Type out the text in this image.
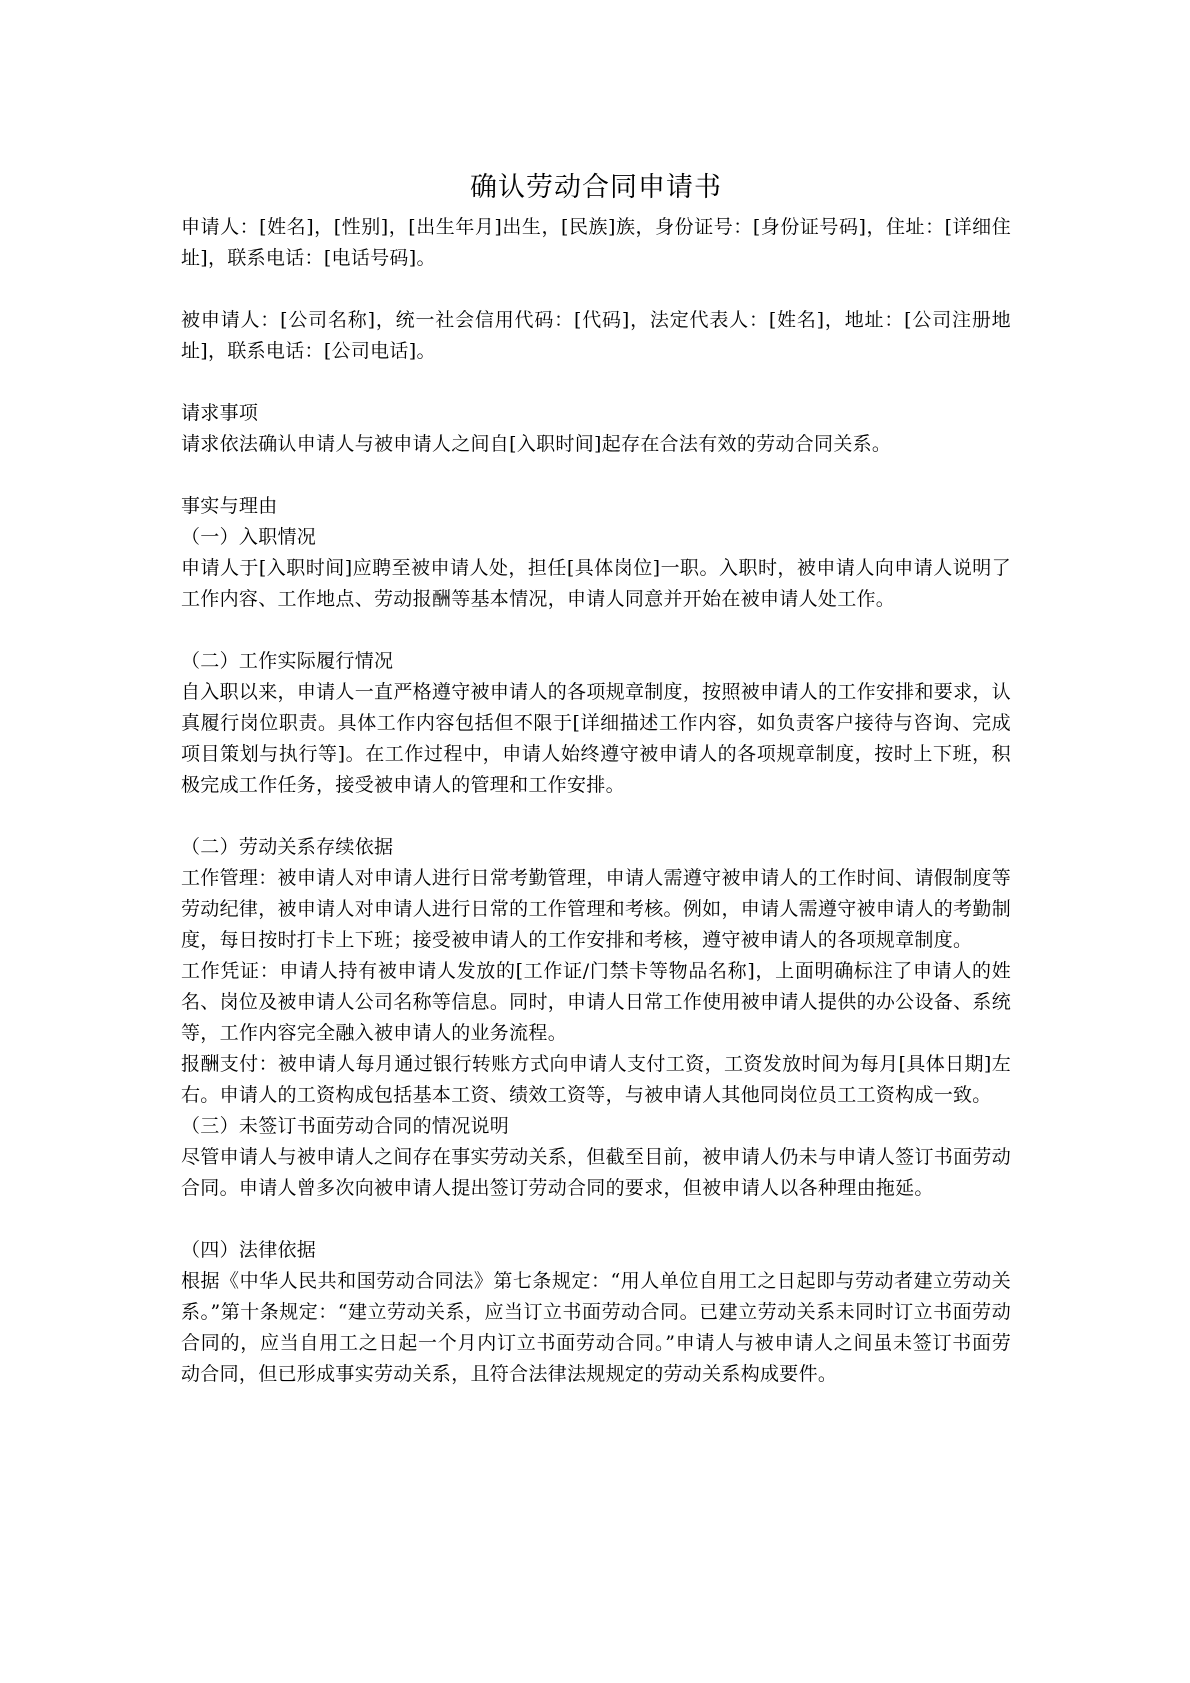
确认劳动合同申请书

申请人：[姓名]，[性别]，[出生年月]出生，[民族]族，身份证号：[身份证号码]，住址：[详细住址]，联系电话：[电话号码]。

被申请人：[公司名称]，统一社会信用代码：[代码]，法定代表人：[姓名]，地址：[公司注册地址]，联系电话：[公司电话]。

请求事项

请求依法确认申请人与被申请人之间自[入职时间]起存在合法有效的劳动合同关系。

事实与理由

（一）入职情况

申请人于[入职时间]应聘至被申请人处，担任[具体岗位]一职。入职时，被申请人向申请人说明了工作内容、工作地点、劳动报酬等基本情况，申请人同意并开始在被申请人处工作。

（二）工作实际履行情况

自入职以来，申请人一直严格遵守被申请人的各项规章制度，按照被申请人的工作安排和要求，认真履行岗位职责。具体工作内容包括但不限于[详细描述工作内容，如负责客户接待与咨询、完成项目策划与执行等]。在工作过程中，申请人始终遵守被申请人的各项规章制度，按时上下班，积极完成工作任务，接受被申请人的管理和工作安排。

（二）劳动关系存续依据

工作管理：被申请人对申请人进行日常考勤管理，申请人需遵守被申请人的工作时间、请假制度等劳动纪律，被申请人对申请人进行日常的工作管理和考核。例如，申请人需遵守被申请人的考勤制度，每日按时打卡上下班；接受被申请人的工作安排和考核，遵守被申请人的各项规章制度。

工作凭证：申请人持有被申请人发放的[工作证/门禁卡等物品名称]，上面明确标注了申请人的姓名、岗位及被申请人公司名称等信息。同时，申请人日常工作使用被申请人提供的办公设备、系统等，工作内容完全融入被申请人的业务流程。

报酬支付：被申请人每月通过银行转账方式向申请人支付工资，工资发放时间为每月[具体日期]左右。申请人的工资构成包括基本工资、绩效工资等，与被申请人其他同岗位员工工资构成一致。

（三）未签订书面劳动合同的情况说明

尽管申请人与被申请人之间存在事实劳动关系，但截至目前，被申请人仍未与申请人签订书面劳动合同。申请人曾多次向被申请人提出签订劳动合同的要求，但被申请人以各种理由拖延。

（四）法律依据

根据《中华人民共和国劳动合同法》第七条规定：“用人单位自用工之日起即与劳动者建立劳动关系。”第十条规定：“建立劳动关系，应当订立书面劳动合同。已建立劳动关系未同时订立书面劳动合同的，应当自用工之日起一个月内订立书面劳动合同。”申请人与被申请人之间虽未签订书面劳动合同，但已形成事实劳动关系，且符合法律法规规定的劳动关系构成要件。
